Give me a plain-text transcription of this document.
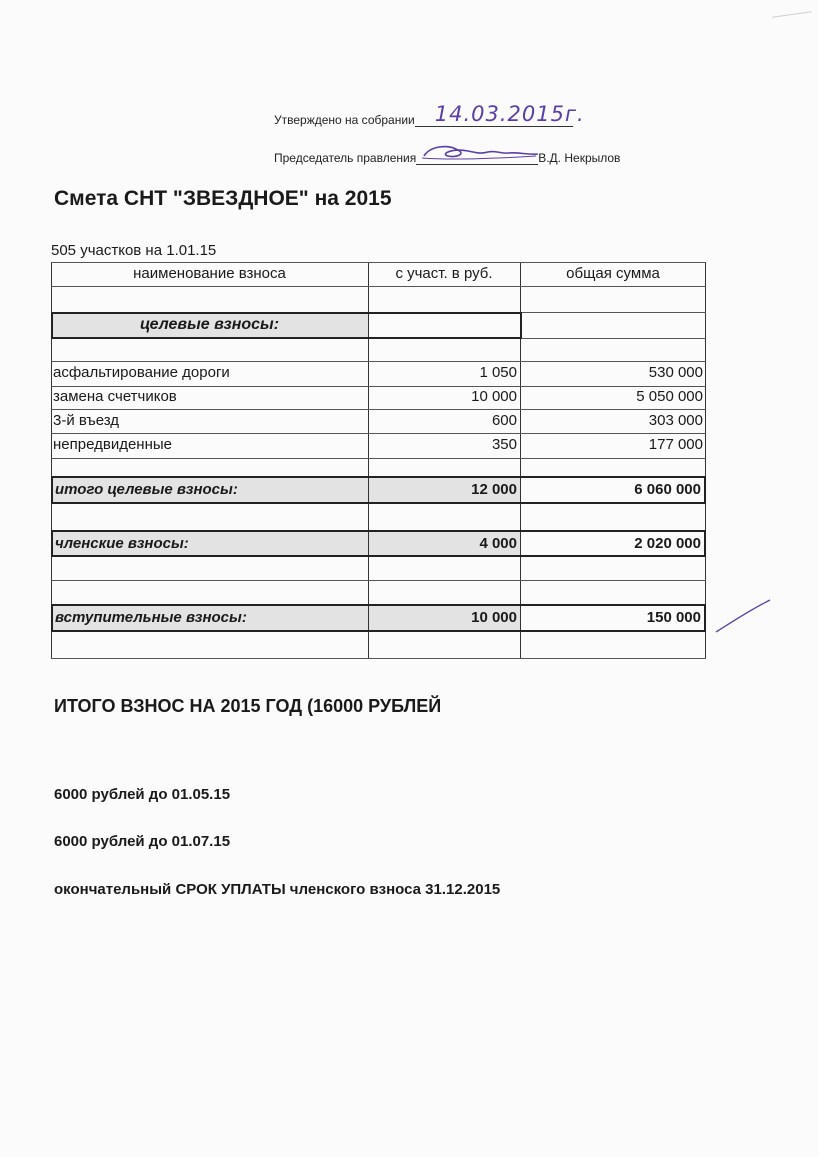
Утверждено на собрании 14.03.2015г.
Председатель правления	В.Д. Некрылов
Смета СНТ "ЗВЕЗДНОЕ" на 2015
505 участков на 1.01.15
наименование взноса	с участ. в руб.	общая сумма
целевые взносы:
асфальтирование дороги	1 050	530 000
замена счетчиков	10 000	5 050 000
3-й въезд	600	303 000
непредвиденные	350	177 000
итого целевые взносы:	12 000	6 060 000
членские взносы:	4 000	2 020 000
вступительные взносы:	10 000	150 000
ИТОГО ВЗНОС НА 2015 ГОД (16000 РУБЛЕЙ
6000 рублей до 01.05.15
6000 рублей до 01.07.15
окончательный СРОК УПЛАТЫ членского взноса 31.12.2015
